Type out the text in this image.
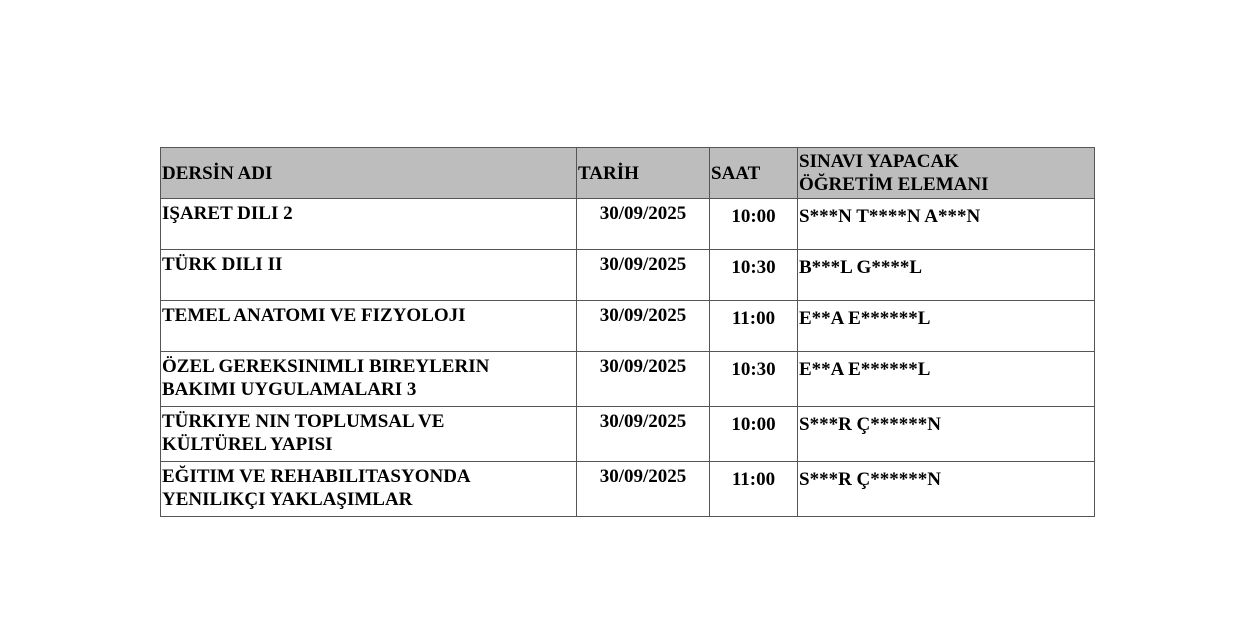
DERSİN ADI	TARİH	SAAT	SINAVI YAPACAK
ÖĞRETİM ELEMANI
IŞARET DILI 2	30/09/2025	10:00	S***N T****N A***N
TÜRK DILI II	30/09/2025	10:30	B***L G****L
TEMEL ANATOMI VE FIZYOLOJI	30/09/2025	11:00	E**A E******L
ÖZEL GEREKSINIMLI BIREYLERIN
BAKIMI UYGULAMALARI 3	30/09/2025	10:30	E**A E******L
TÜRKIYE NIN TOPLUMSAL VE
KÜLTÜREL YAPISI	30/09/2025	10:00	S***R Ç******N
EĞITIM VE REHABILITASYONDA
YENILIKÇI YAKLAŞIMLAR	30/09/2025	11:00	S***R Ç******N
